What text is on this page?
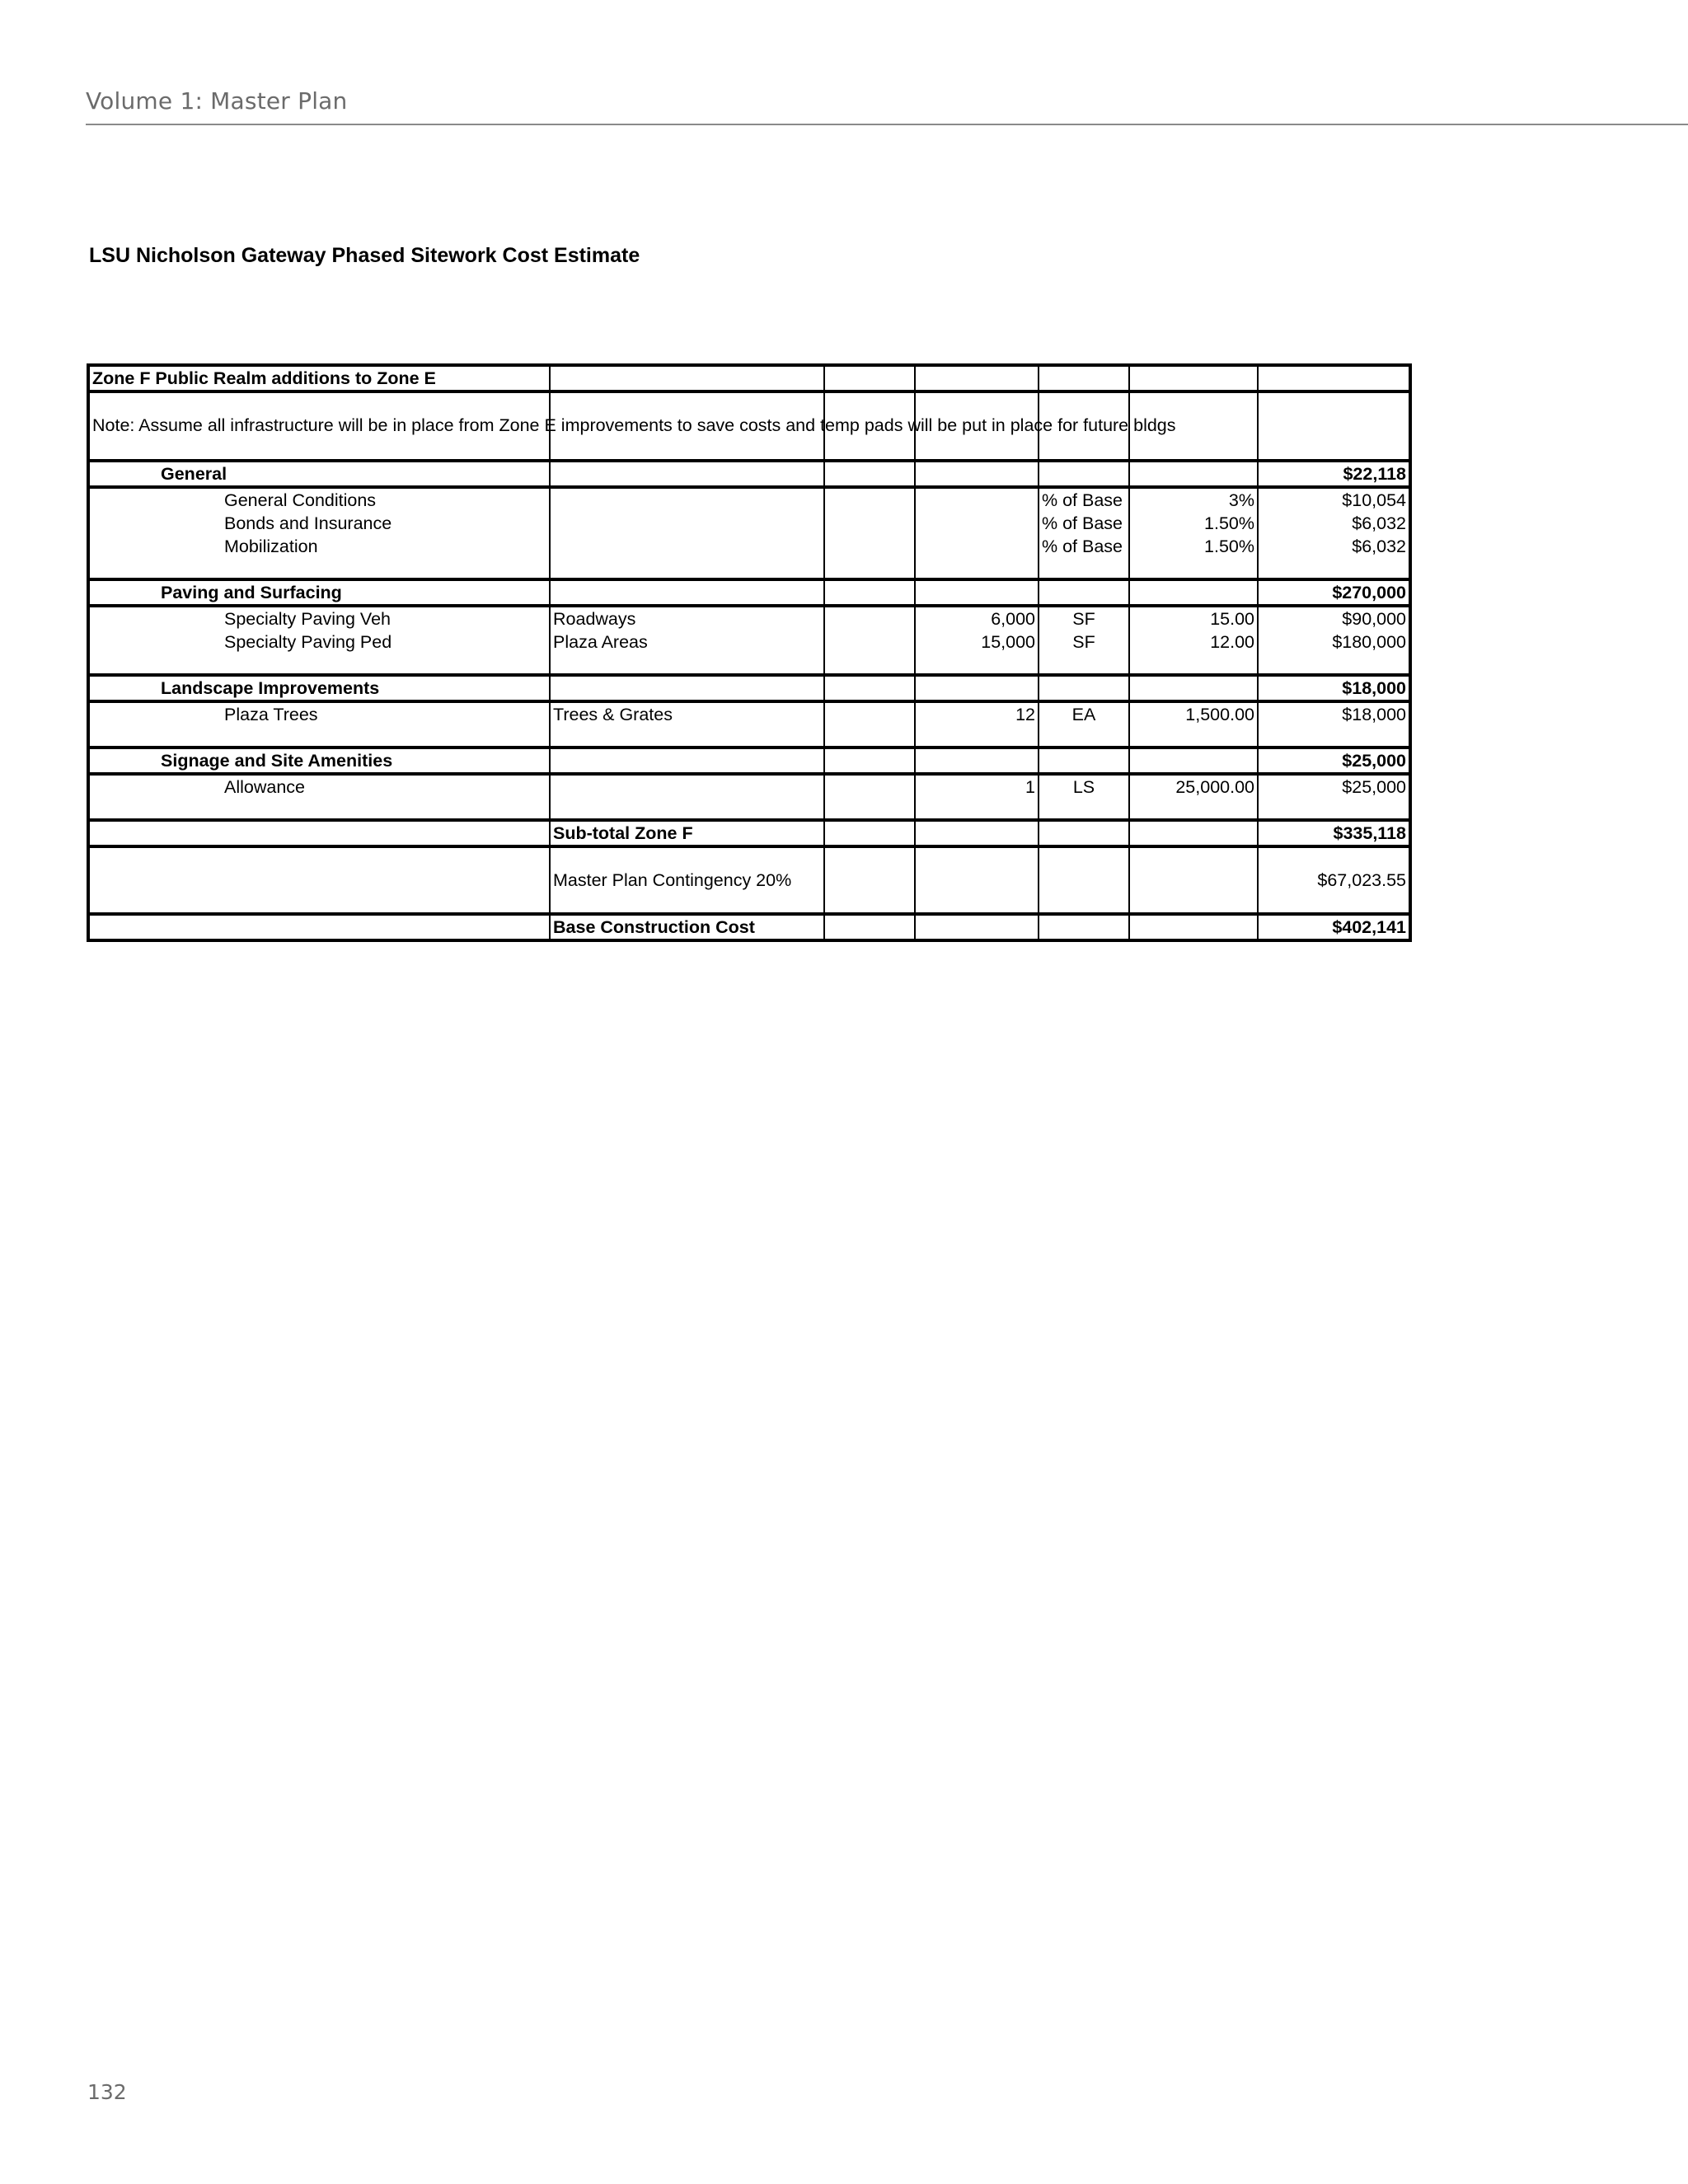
Volume 1: Master Plan
LSU Nicholson Gateway Phased Sitework Cost Estimate
Zone F Public Realm additions to Zone E						

Note: Assume all infrastructure will be in place from Zone E improvements to save costs and temp pads will be put in place for future bldgs						

General						$22,118
General Conditions				% of Base	3%	$10,054
Bonds and Insurance				% of Base	1.50%	$6,032
Mobilization				% of Base	1.50%	$6,032

Paving and Surfacing						$270,000
Specialty Paving Veh	Roadways		6,000	SF	15.00	$90,000
Specialty Paving Ped	Plaza Areas		15,000	SF	12.00	$180,000

Landscape Improvements						$18,000
Plaza Trees	Trees & Grates		12	EA	1,500.00	$18,000

Signage and Site Amenities						$25,000
Allowance			1	LS	25,000.00	$25,000

	Sub-total Zone F					$335,118
	Master Plan Contingency 20%					$67,023.55
	Base Construction Cost					$402,141
132
